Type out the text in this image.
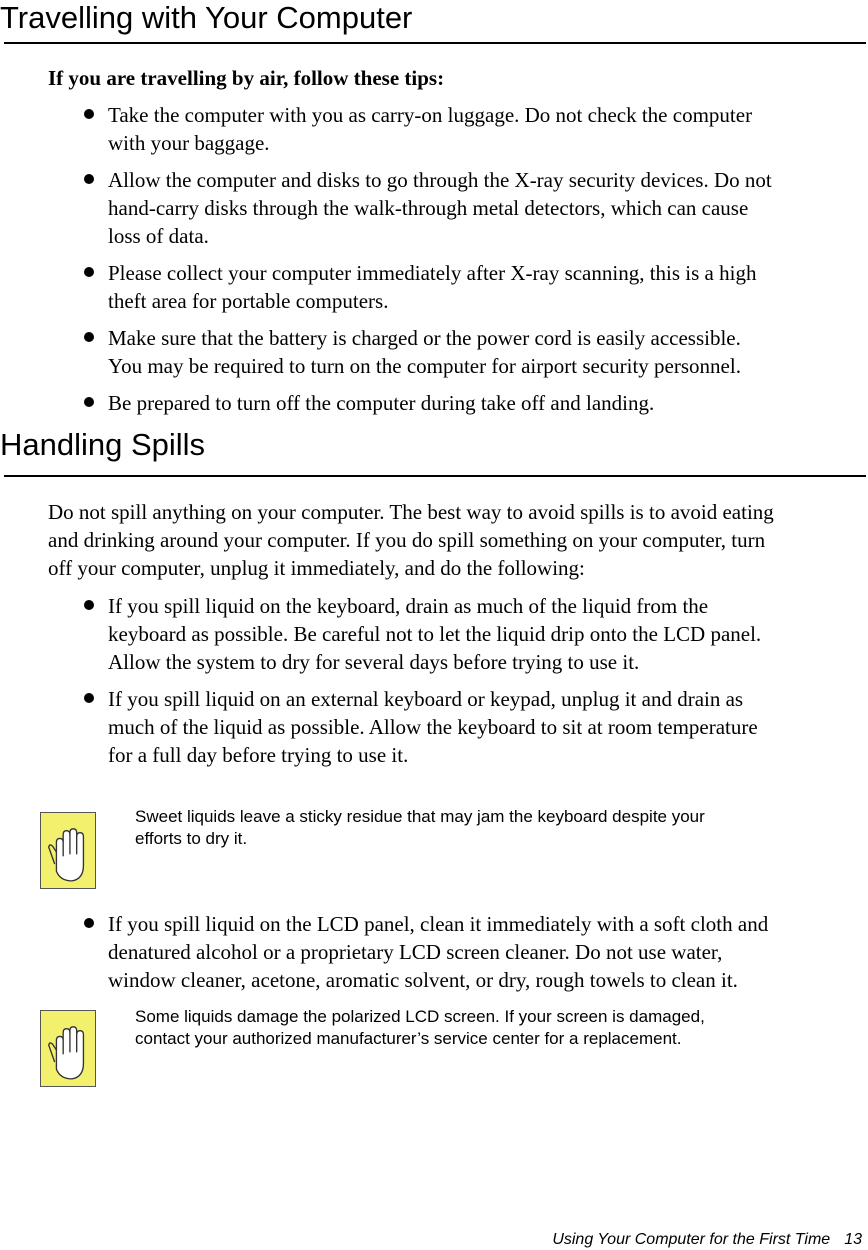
Travelling with Your Computer

If you are travelling by air, follow these tips:

Take the computer with you as carry-on luggage. Do not check the computer
with your baggage.
Allow the computer and disks to go through the X-ray security devices. Do not
hand-carry disks through the walk-through metal detectors, which can cause
loss of data.
Please collect your computer immediately after X-ray scanning, this is a high
theft area for portable computers.
Make sure that the battery is charged or the power cord is easily accessible.
You may be required to turn on the computer for airport security personnel.
Be prepared to turn off the computer during take off and landing.
Handling Spills

Do not spill anything on your computer. The best way to avoid spills is to avoid eating
and drinking around your computer. If you do spill something on your computer, turn
off your computer, unplug it immediately, and do the following:

If you spill liquid on the keyboard, drain as much of the liquid from the
keyboard as possible. Be careful not to let the liquid drip onto the LCD panel.
Allow the system to dry for several days before trying to use it.
If you spill liquid on an external keyboard or keypad, unplug it and drain as
much of the liquid as possible. Allow the keyboard to sit at room temperature
for a full day before trying to use it.

Sweet liquids leave a sticky residue that may jam the keyboard despite your
efforts to dry it.

If you spill liquid on the LCD panel, clean it immediately with a soft cloth and
denatured alcohol or a proprietary LCD screen cleaner. Do not use water,
window cleaner, acetone, aromatic solvent, or dry, rough towels to clean it.

Some liquids damage the polarized LCD screen. If your screen is damaged,
contact your authorized manufacturer’s service center for a replacement.

Using Your Computer for the First Time 13
